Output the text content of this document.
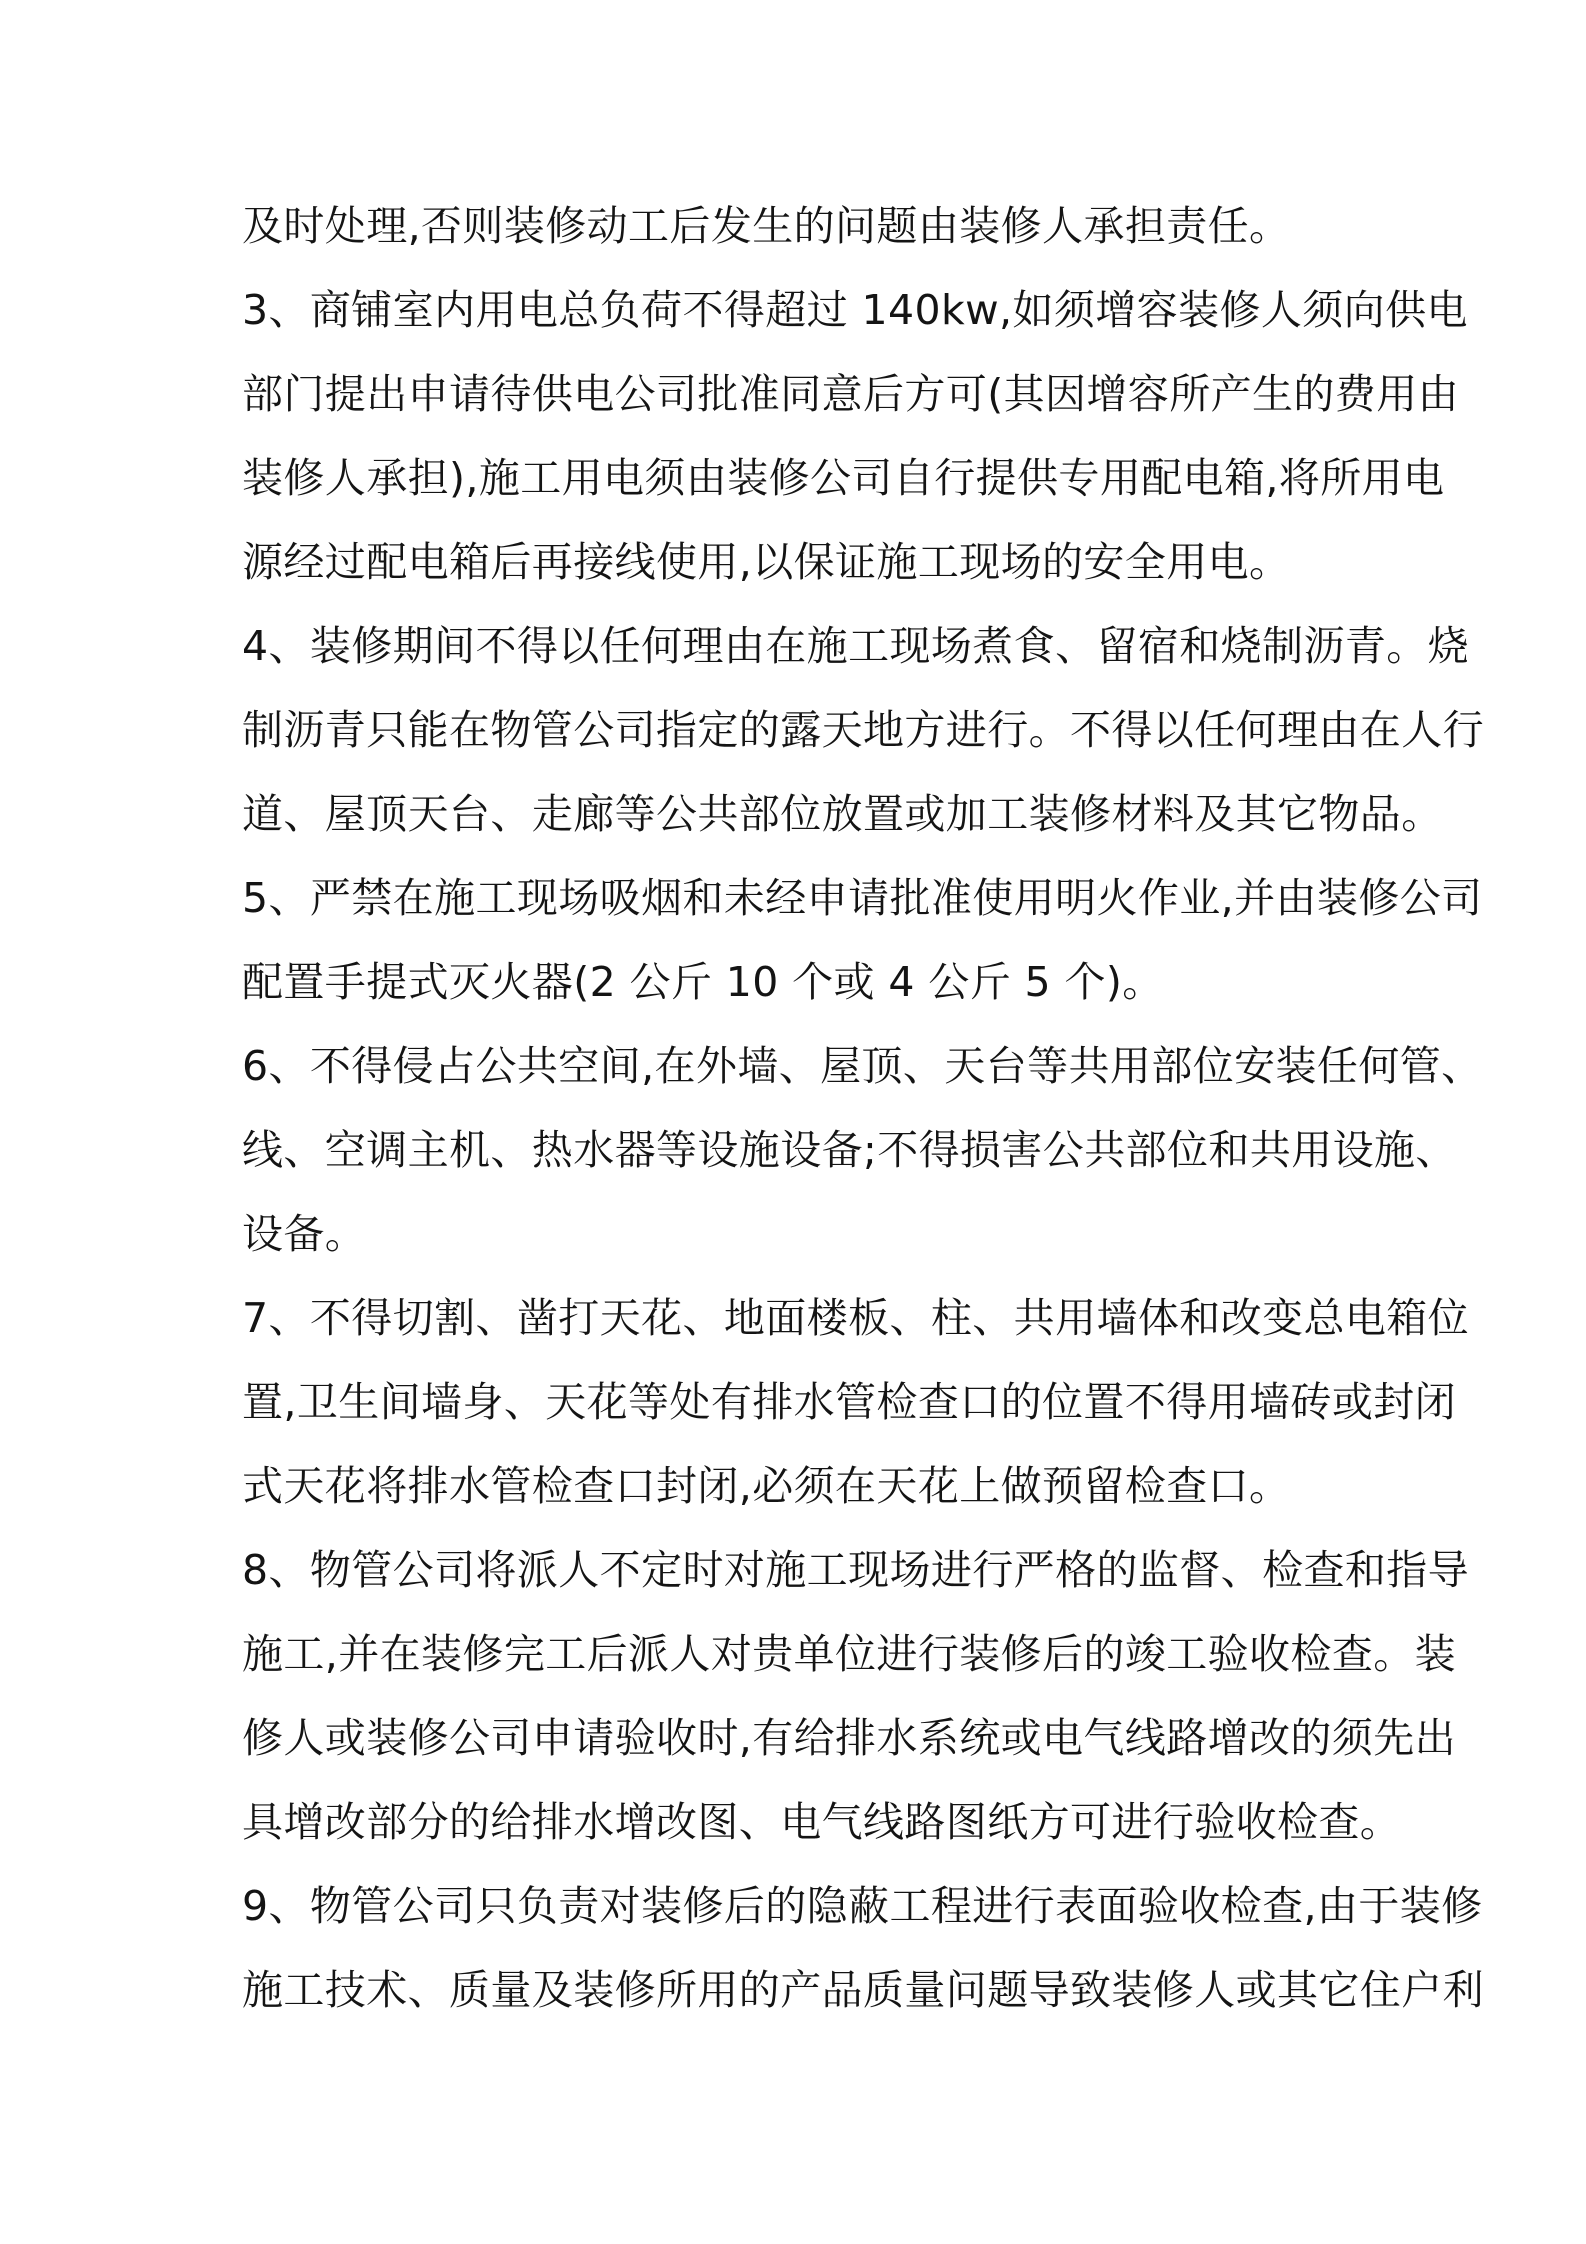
及时处理,否则装修动工后发生的问题由装修人承担责任。

3、商铺室内用电总负荷不得超过 140kw,如须增容装修人须向供电

部门提出申请待供电公司批准同意后方可(其因增容所产生的费用由

装修人承担),施工用电须由装修公司自行提供专用配电箱,将所用电

源经过配电箱后再接线使用,以保证施工现场的安全用电。

4、装修期间不得以任何理由在施工现场煮食、留宿和烧制沥青。烧

制沥青只能在物管公司指定的露天地方进行。不得以任何理由在人行

道、屋顶天台、走廊等公共部位放置或加工装修材料及其它物品。

5、严禁在施工现场吸烟和未经申请批准使用明火作业,并由装修公司

配置手提式灭火器(2 公斤 10 个或 4 公斤 5 个)。

6、不得侵占公共空间,在外墙、屋顶、天台等共用部位安装任何管、

线、空调主机、热水器等设施设备;不得损害公共部位和共用设施、

设备。

7、不得切割、凿打天花、地面楼板、柱、共用墙体和改变总电箱位

置,卫生间墙身、天花等处有排水管检查口的位置不得用墙砖或封闭

式天花将排水管检查口封闭,必须在天花上做预留检查口。

8、物管公司将派人不定时对施工现场进行严格的监督、检查和指导

施工,并在装修完工后派人对贵单位进行装修后的竣工验收检查。装

修人或装修公司申请验收时,有给排水系统或电气线路增改的须先出

具增改部分的给排水增改图、电气线路图纸方可进行验收检查。

9、物管公司只负责对装修后的隐蔽工程进行表面验收检查,由于装修

施工技术、质量及装修所用的产品质量问题导致装修人或其它住户利
